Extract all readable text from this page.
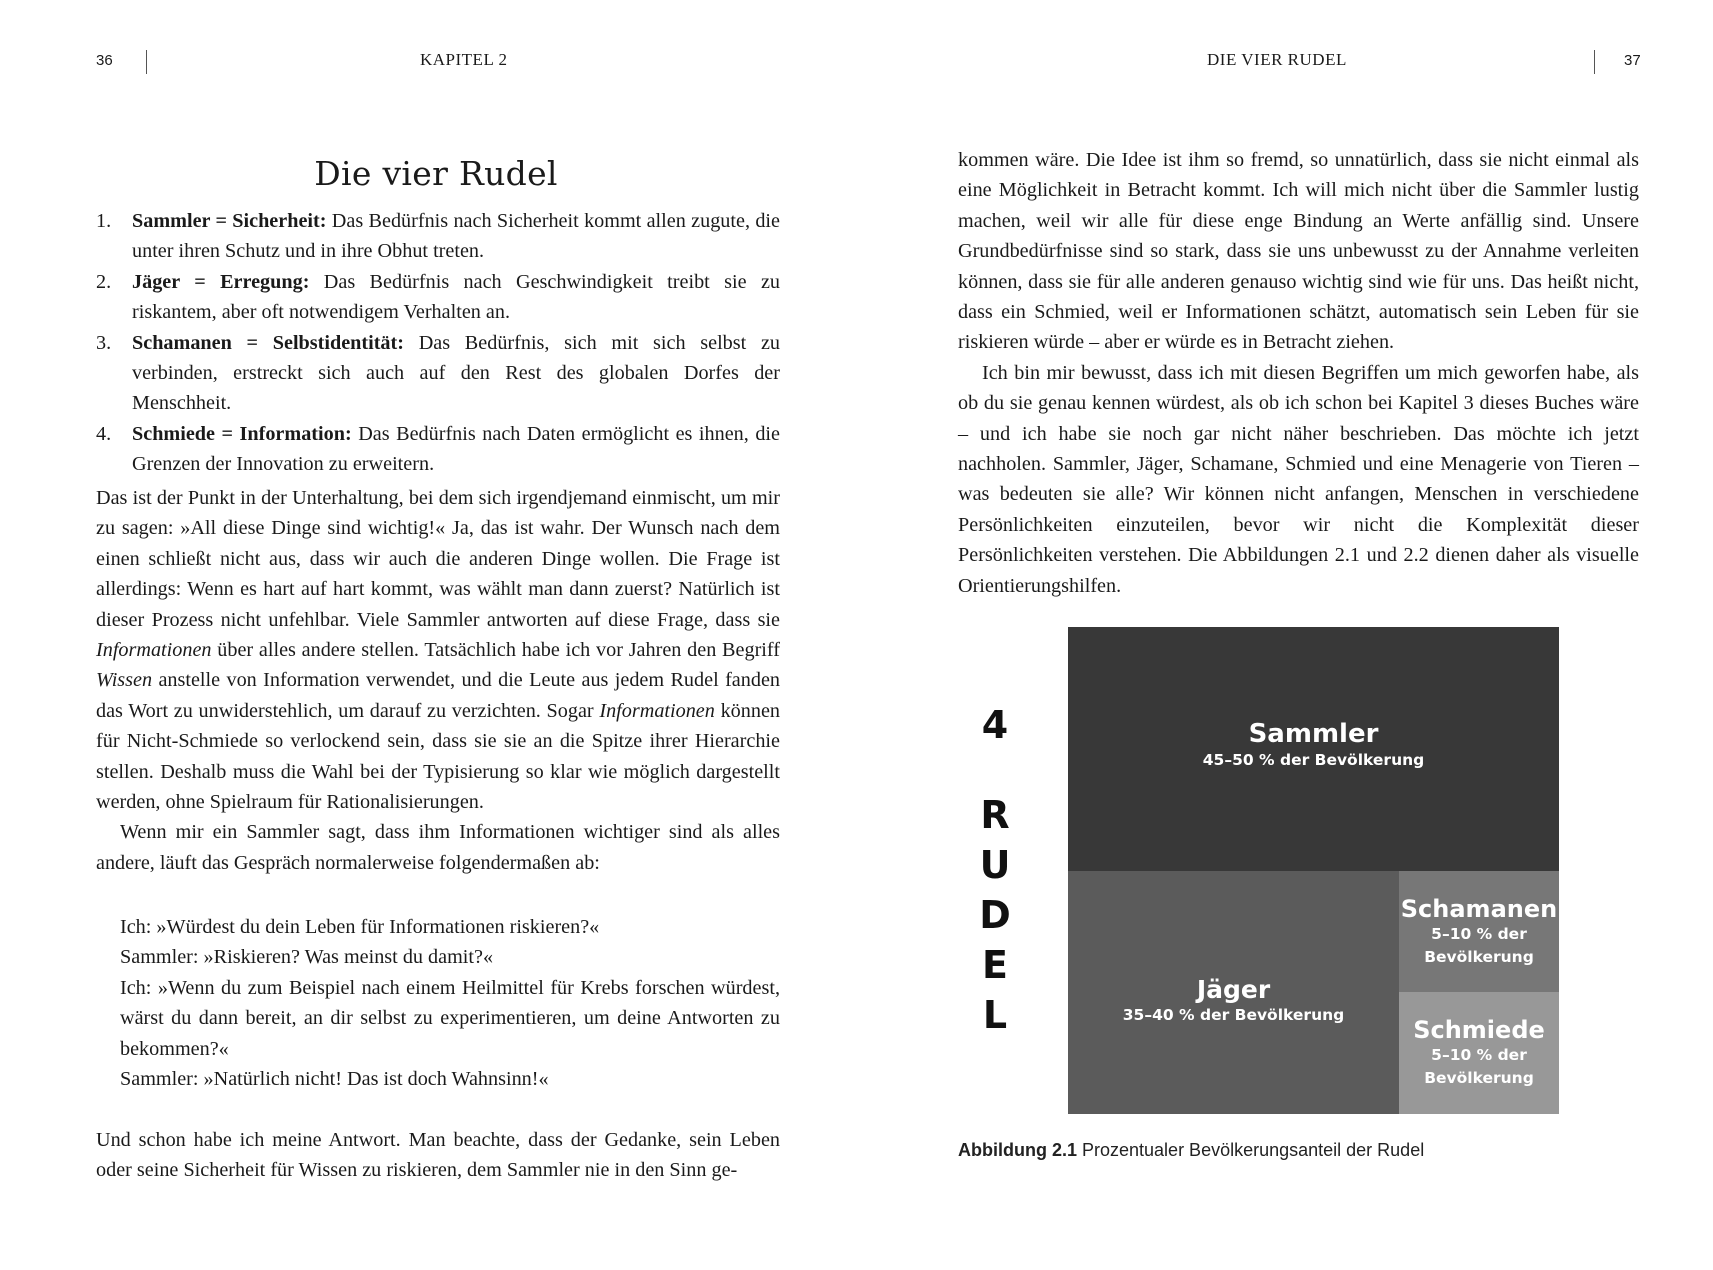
36	KAPITEL 2
Die vier Rudel
1. Sammler = Sicherheit: Das Bedürfnis nach Sicherheit kommt allen zugute, die unter ihren Schutz und in ihre Obhut treten.
2. Jäger = Erregung: Das Bedürfnis nach Geschwindigkeit treibt sie zu riskantem, aber oft notwendigem Verhalten an.
3. Schamanen = Selbstidentität: Das Bedürfnis, sich mit sich selbst zu verbinden, erstreckt sich auch auf den Rest des globalen Dorfes der Menschheit.
4. Schmiede = Information: Das Bedürfnis nach Daten ermöglicht es ihnen, die Grenzen der Innovation zu erweitern.

Das ist der Punkt in der Unterhaltung, bei dem sich irgendjemand einmischt, um mir zu sagen: »All diese Dinge sind wichtig!« Ja, das ist wahr. Der Wunsch nach dem einen schließt nicht aus, dass wir auch die anderen Dinge wollen. Die Frage ist allerdings: Wenn es hart auf hart kommt, was wählt man dann zuerst? Natürlich ist dieser Prozess nicht unfehlbar. Viele Sammler antworten auf diese Frage, dass sie Informationen über alles andere stellen. Tatsächlich habe ich vor Jahren den Begriff Wissen anstelle von Information verwendet, und die Leute aus jedem Rudel fanden das Wort zu unwiderstehlich, um darauf zu verzichten. Sogar Informationen können für Nicht-Schmiede so verlockend sein, dass sie sie an die Spitze ihrer Hierarchie stellen. Deshalb muss die Wahl bei der Typisierung so klar wie möglich dargestellt werden, ohne Spielraum für Rationalisierungen.

Wenn mir ein Sammler sagt, dass ihm Informationen wichtiger sind als alles andere, läuft das Gespräch normalerweise folgendermaßen ab:

Ich: »Würdest du dein Leben für Informationen riskieren?«

Sammler: »Riskieren? Was meinst du damit?«

Ich: »Wenn du zum Beispiel nach einem Heilmittel für Krebs forschen würdest, wärst du dann bereit, an dir selbst zu experimentieren, um deine Antworten zu bekommen?«

Sammler: »Natürlich nicht! Das ist doch Wahnsinn!«

Und schon habe ich meine Antwort. Man beachte, dass der Gedanke, sein Leben oder seine Sicherheit für Wissen zu riskieren, dem Sammler nie in den Sinn ge-

DIE VIER RUDEL	37

kommen wäre. Die Idee ist ihm so fremd, so unnatürlich, dass sie nicht einmal als eine Möglichkeit in Betracht kommt. Ich will mich nicht über die Sammler lustig machen, weil wir alle für diese enge Bindung an Werte anfällig sind. Unsere Grundbedürfnisse sind so stark, dass sie uns unbewusst zu der Annahme verleiten können, dass sie für alle anderen genauso wichtig sind wie für uns. Das heißt nicht, dass ein Schmied, weil er Informationen schätzt, automatisch sein Leben für sie riskieren würde – aber er würde es in Betracht ziehen.

Ich bin mir bewusst, dass ich mit diesen Begriffen um mich geworfen habe, als ob du sie genau kennen würdest, als ob ich schon bei Kapitel 3 dieses Buches wäre – und ich habe sie noch gar nicht näher beschrieben. Das möchte ich jetzt nachholen. Sammler, Jäger, Schamane, Schmied und eine Menagerie von Tieren – was bedeuten sie alle? Wir können nicht anfangen, Menschen in verschiedene Persönlichkeiten einzuteilen, bevor wir nicht die Komplexität dieser Persönlichkeiten verstehen. Die Abbildungen 2.1 und 2.2 dienen daher als visuelle Orientierungshilfen.

4
R
U
D
E
L
Sammler
45–50 % der Bevölkerung
Jäger
35–40 % der Bevölkerung
Schamanen
5–10 % der
Bevölkerung
Schmiede
5–10 % der
Bevölkerung
Abbildung 2.1 Prozentualer Bevölkerungsanteil der Rudel
